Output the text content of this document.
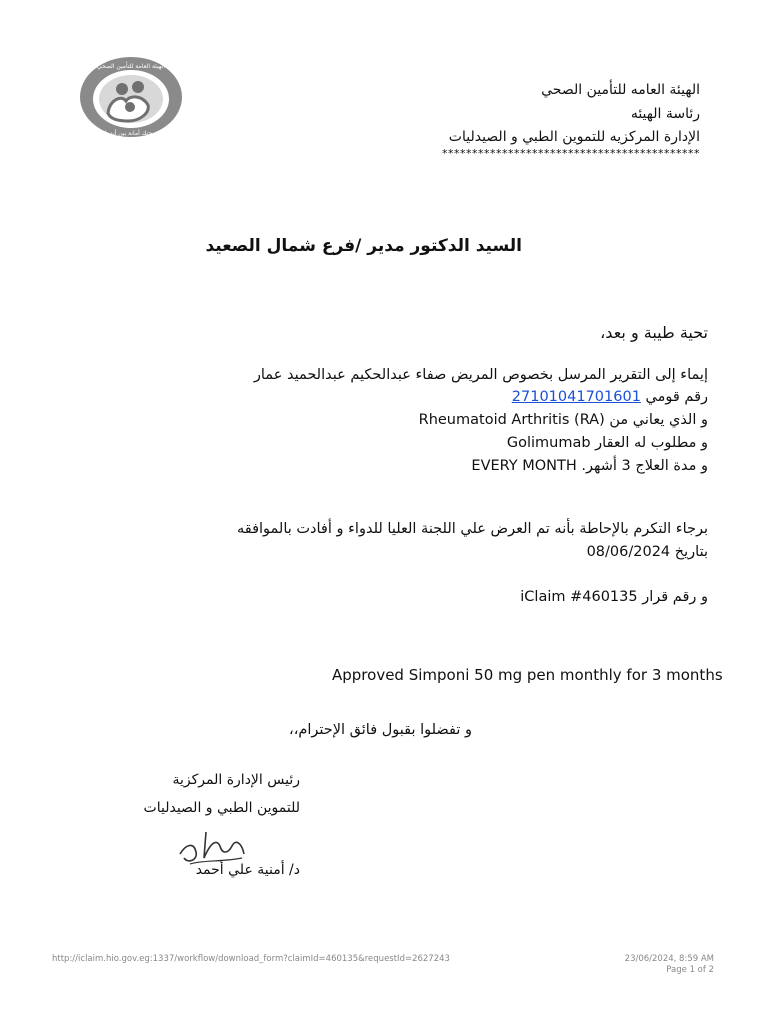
الهيئة العامة للتأمين الصحي
صحتك أمانة بين أيدينا
الهيئة العامه للتأمين الصحي
رئاسة الهيئه
الإدارة المركزيه للتموين الطبي و الصيدليات
*******************************************
السيد الدكتور مدير /فرع شمال الصعيد
تحية طيبة و بعد،
إيماء إلى التقرير المرسل بخصوص المريض صفاء عبدالحكيم عبدالحميد عمار
رقم قومي 27101041701601
و الذي يعاني من Rheumatoid Arthritis (RA)
و مطلوب له العقار Golimumab
و مدة العلاج 3 أشهر. EVERY MONTH
برجاء التكرم بالإحاطة بأنه تم العرض علي اللجنة العليا للدواء و أفادت بالموافقه
بتاريخ 08/06/2024
و رقم قرار iClaim #460135
Approved Simponi 50 mg pen monthly for 3 months
و تفضلوا بقبول فائق الإحترام،،
رئيس الإدارة المركزية
للتموين الطبي و الصيدليات
د/ أمنية علي أحمد
http://iclaim.hio.gov.eg:1337/workflow/download_form?claimId=460135&requestId=2627243	23/06/2024, 8:59 AM
Page 1 of 2
